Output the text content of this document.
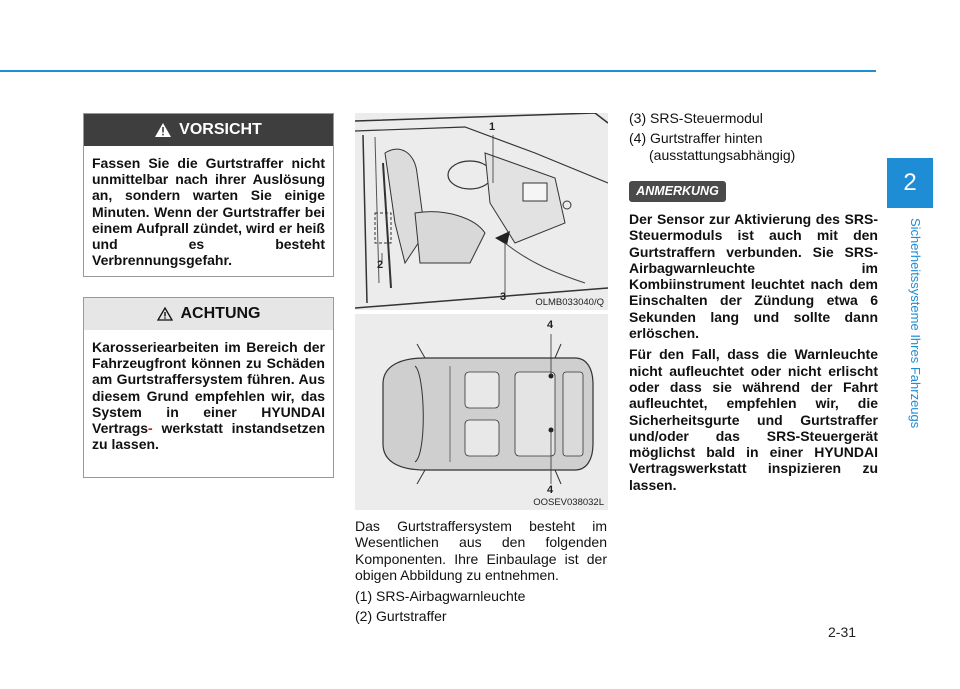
2
Sicherheitssysteme Ihres Fahrzeugs
VORSICHT
Fassen Sie die Gurtstraffer nicht unmittelbar nach ihrer Auslösung an, sondern warten Sie einige Minuten. Wenn der Gurtstraffer bei einem Aufprall zündet, wird er heiß und es besteht Verbrennungsgefahr.
ACHTUNG
Karosseriearbeiten im Bereich der Fahrzeugfront können zu Schäden am Gurtstraffersystem führen. Aus diesem Grund empfehlen wir, das System in einer HYUNDAI Vertrags- werkstatt instandsetzen zu lassen.
1
2
3	OLMB033040/Q
4
4
OOSEV038032L

Das Gurtstraffersystem besteht im Wesentlichen aus den folgenden Komponenten. Ihre Einbaulage ist der obigen Abbildung zu entnehmen.

(1) SRS-Airbagwarnleuchte

(2) Gurtstraffer

(3) SRS-Steuermodul

(4) Gurtstraffer hinten

(ausstattungsabhängig)

ANMERKUNG

Der Sensor zur Aktivierung des SRS-Steuermoduls ist auch mit den Gurtstraffern verbunden. Sie SRS-Airbagwarnleuchte im Kombiinstrument leuchtet nach dem Einschalten der Zündung etwa 6 Sekunden lang und sollte dann erlöschen.

Für den Fall, dass die Warnleuchte nicht aufleuchtet oder nicht erlischt oder dass sie während der Fahrt aufleuchtet, empfehlen wir, die Sicherheitsgurte und Gurtstraffer und/oder das SRS-Steuergerät möglichst bald in einer HYUNDAI Vertragswerkstatt inspizieren zu lassen.

2-31
